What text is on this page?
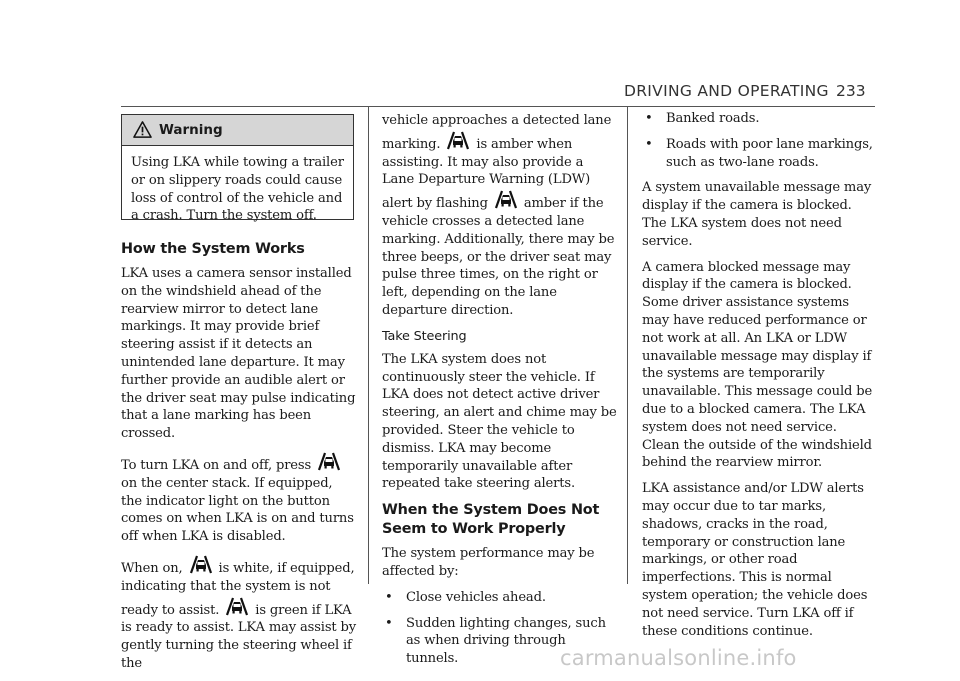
DRIVING AND OPERATING 233
Warning
Using LKA while towing a trailer or on slippery roads could cause loss of control of the vehicle and a crash. Turn the system off.
How the System Works

LKA uses a camera sensor installed on the windshield ahead of the rearview mirror to detect lane markings. It may provide brief steering assist if it detects an unintended lane departure. It may further provide an audible alert or the driver seat may pulse indicating that a lane marking has been crossed.

To turn LKA on and off, press  on the center stack. If equipped, the indicator light on the button comes on when LKA is on and turns off when LKA is disabled.

When on,	is white, if equipped, indicating that the system is not ready to assist.	is green if LKA is ready to assist. LKA may assist by gently turning the steering wheel if the

vehicle approaches a detected lane marking.	is amber when assisting. It may also provide a Lane Departure Warning (LDW) alert by flashing	amber if the vehicle crosses a detected lane marking. Additionally, there may be three beeps, or the driver seat may pulse three times, on the right or left, depending on the lane departure direction.

Take Steering

The LKA system does not continuously steer the vehicle. If LKA does not detect active driver steering, an alert and chime may be provided. Steer the vehicle to dismiss. LKA may become temporarily unavailable after repeated take steering alerts.

When the System Does Not Seem to Work Properly

The system performance may be affected by:

• Close vehicles ahead.

• Sudden lighting changes, such as when driving through tunnels.

• Banked roads.

• Roads with poor lane markings, such as two-lane roads.

A system unavailable message may display if the camera is blocked. The LKA system does not need service.

A camera blocked message may display if the camera is blocked. Some driver assistance systems may have reduced performance or not work at all. An LKA or LDW unavailable message may display if the systems are temporarily unavailable. This message could be due to a blocked camera. The LKA system does not need service. Clean the outside of the windshield behind the rearview mirror.

LKA assistance and/or LDW alerts may occur due to tar marks, shadows, cracks in the road, temporary or construction lane markings, or other road imperfections. This is normal system operation; the vehicle does not need service. Turn LKA off if these conditions continue.

carmanualsonline.info
